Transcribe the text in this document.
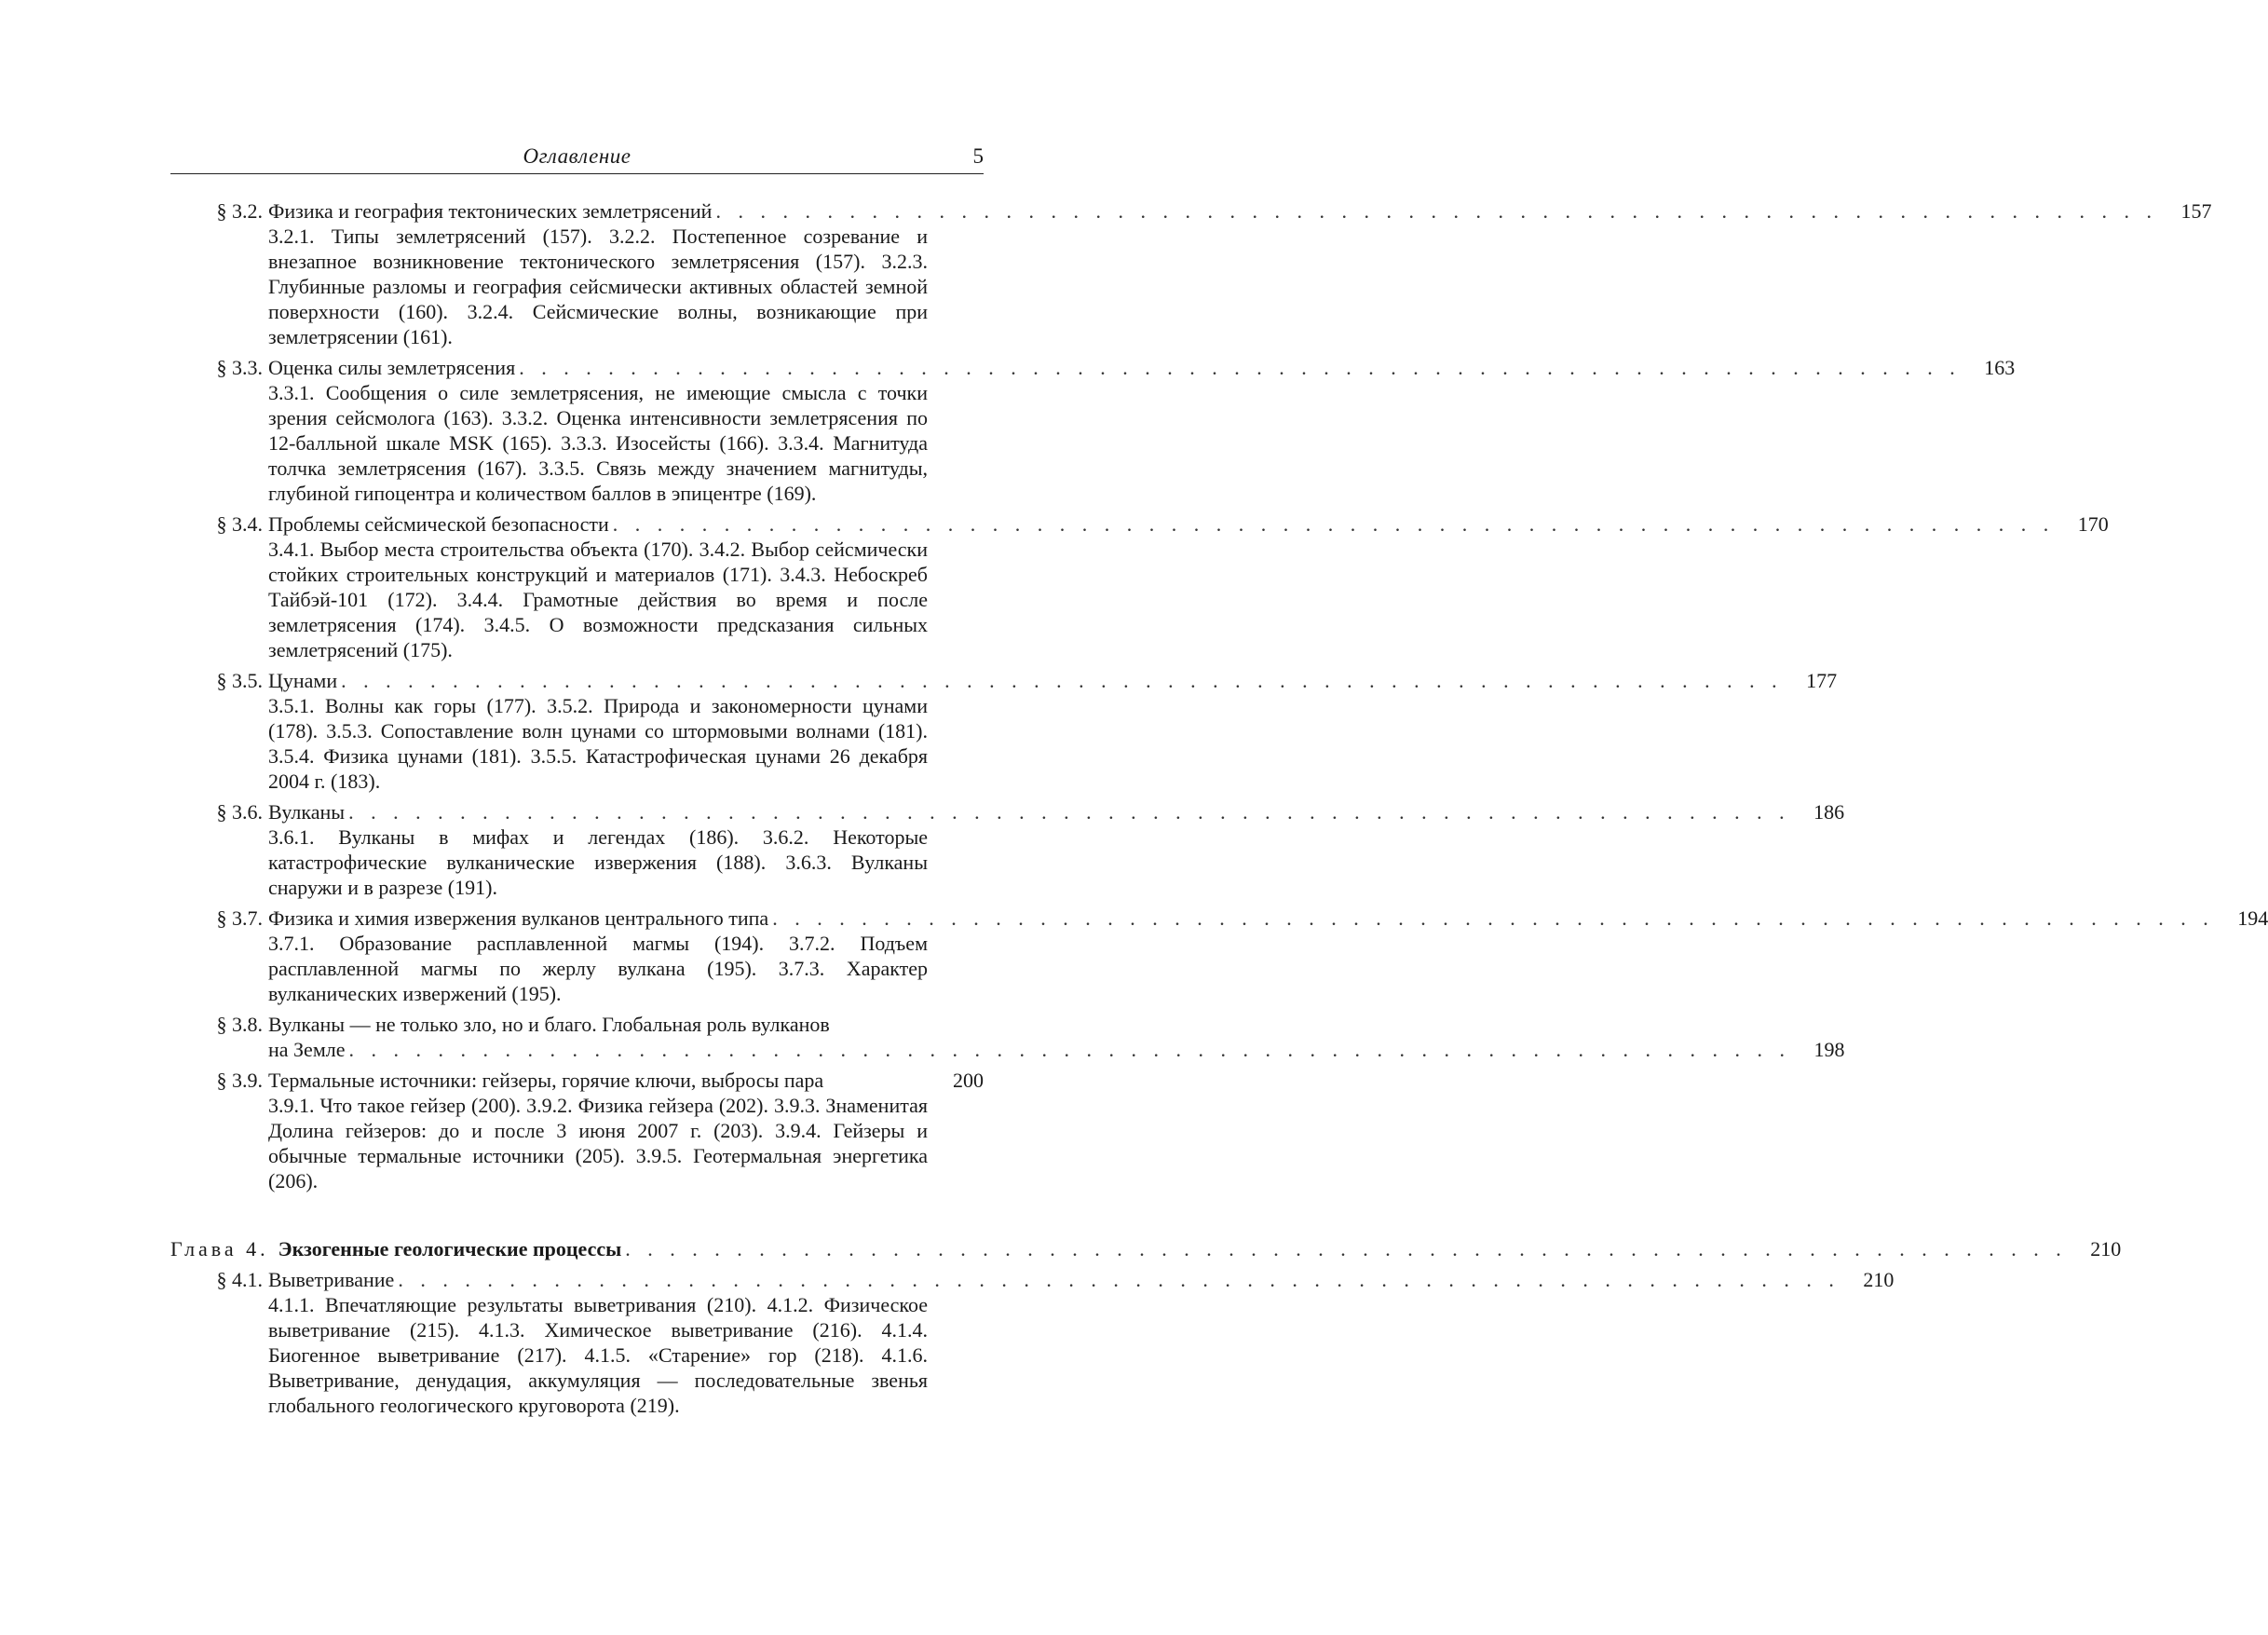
Оглавление	5
§ 3.2. Физика и география тектонических землетрясений . . . . . . . . . . . . . . . . . . . . . . . . . . . . . . . . . . . . . . . . . . . . . . . . . . . . . . . . . . . . . . . . .	157
3.2.1. Типы землетрясений (157). 3.2.2. Постепенное созревание и внезапное возникновение тектонического землетрясения (157). 3.2.3. Глубинные разломы и география сейсмически активных областей земной поверхности (160). 3.2.4. Сейсмические волны, возникающие при землетрясении (161).
§ 3.3. Оценка силы землетрясения . . . . . . . . . . . . . . . . . . . . . . . . . . . . . . . . . . . . . . . . . . . . . . . . . . . . . . . . . . . . . . . . .	163
3.3.1. Сообщения о силе землетрясения, не имеющие смысла с точки зрения сейсмолога (163). 3.3.2. Оценка интенсивности землетрясения по 12-балльной шкале MSK (165). 3.3.3. Изосейсты (166). 3.3.4. Магнитуда толчка землетрясения (167). 3.3.5. Связь между значением магнитуды, глубиной гипоцентра и количеством баллов в эпицентре (169).
§ 3.4. Проблемы сейсмической безопасности . . . . . . . . . . . . . . . . . . . . . . . . . . . . . . . . . . . . . . . . . . . . . . . . . . . . . . . . . . . . . . . . .	170
3.4.1. Выбор места строительства объекта (170). 3.4.2. Выбор сейсмически стойких строительных конструкций и материалов (171). 3.4.3. Небоскреб Тайбэй-101 (172). 3.4.4. Грамотные действия во время и после землетрясения (174). 3.4.5. О возможности предсказания сильных землетрясений (175).
§ 3.5. Цунами . . . . . . . . . . . . . . . . . . . . . . . . . . . . . . . . . . . . . . . . . . . . . . . . . . . . . . . . . . . . . . . . .	177
3.5.1. Волны как горы (177). 3.5.2. Природа и закономерности цунами (178). 3.5.3. Сопоставление волн цунами со штормовыми волнами (181). 3.5.4. Физика цунами (181). 3.5.5. Катастрофическая цунами 26 декабря 2004 г. (183).
§ 3.6. Вулканы . . . . . . . . . . . . . . . . . . . . . . . . . . . . . . . . . . . . . . . . . . . . . . . . . . . . . . . . . . . . . . . . .	186
3.6.1. Вулканы в мифах и легендах (186). 3.6.2. Некоторые катастрофические вулканические извержения (188). 3.6.3. Вулканы снаружи и в разрезе (191).
§ 3.7. Физика и химия извержения вулканов центрального типа . . . . . . . . . . . . . . . . . . . . . . . . . . . . . . . . . . . . . . . . . . . . . . . . . . . . . . . . . . . . . . . . .	194
3.7.1. Образование расплавленной магмы (194). 3.7.2. Подъем расплавленной магмы по жерлу вулкана (195). 3.7.3. Характер вулканических извержений (195).
§ 3.8. Вулканы — не только зло, но и благо. Глобальная роль вулканов
на Земле . . . . . . . . . . . . . . . . . . . . . . . . . . . . . . . . . . . . . . . . . . . . . . . . . . . . . . . . . . . . . . . . .	198
§ 3.9. Термальные источники: гейзеры, горячие ключи, выбросы пара	200
3.9.1. Что такое гейзер (200). 3.9.2. Физика гейзера (202). 3.9.3. Знаменитая Долина гейзеров: до и после 3 июня 2007 г. (203). 3.9.4. Гейзеры и обычные термальные источники (205). 3.9.5. Геотермальная энергетика (206).
Глава 4. Экзогенные геологические процессы . . . . . . . . . . . . . . . . . . . . . . . . . . . . . . . . . . . . . . . . . . . . . . . . . . . . . . . . . . . . . . . . .	210
§ 4.1. Выветривание . . . . . . . . . . . . . . . . . . . . . . . . . . . . . . . . . . . . . . . . . . . . . . . . . . . . . . . . . . . . . . . . .	210
4.1.1. Впечатляющие результаты выветривания (210). 4.1.2. Физическое выветривание (215). 4.1.3. Химическое выветривание (216). 4.1.4. Биогенное выветривание (217). 4.1.5. «Старение» гор (218). 4.1.6. Выветривание, денудация, аккумуляция — последовательные звенья глобального геологического круговорота (219).
